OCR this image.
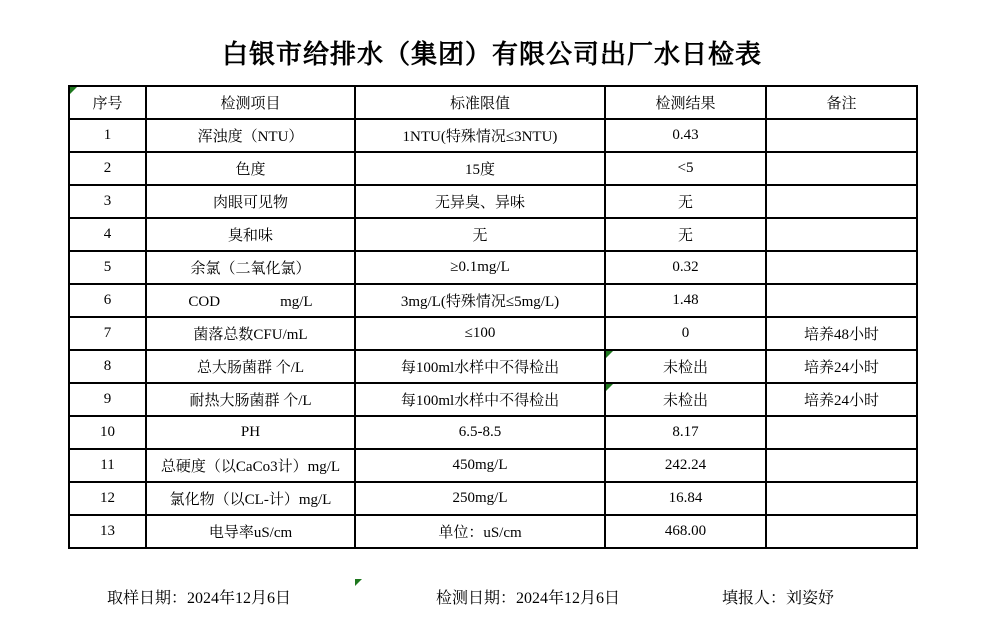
白银市给排水（集团）有限公司出厂水日检表
序号	检测项目	标准限值	检测结果	备注
1	浑浊度（NTU）	1NTU(特殊情况≤3NTU)	0.43	
2	色度	15度	<5	
3	肉眼可见物	无异臭、异味	无	
4	臭和味	无	无	
5	余氯（二氧化氯）	≥0.1mg/L	0.32	
6	COD　　　　mg/L	3mg/L(特殊情况≤5mg/L)	1.48	
7	菌落总数CFU/mL	≤100	0	培养48小时
8	总大肠菌群 个/L	每100ml水样中不得检出	未检出	培养24小时
9	耐热大肠菌群 个/L	每100ml水样中不得检出	未检出	培养24小时
10	PH	6.5-8.5	8.17	
11	总硬度（以CaCo3计）mg/L	450mg/L	242.24	
12	氯化物（以CL-计）mg/L	250mg/L	16.84	
13	电导率uS/cm	单位：uS/cm	468.00	
取样日期：2024年12月6日	检测日期：2024年12月6日	填报人：刘姿妤
